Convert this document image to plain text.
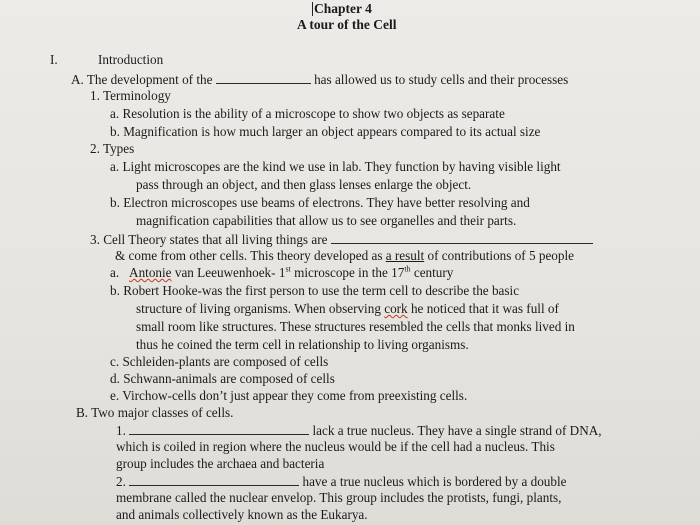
Chapter 4
A tour of the Cell
I.	Introduction
A. The development of the	has allowed us to study cells and their processes
1. Terminology
a. Resolution is the ability of a microscope to show two objects as separate
b. Magnification is how much larger an object appears compared to its actual size
2. Types
a. Light microscopes are the kind we use in lab. They function by having visible light
pass through an object, and then glass lenses enlarge the object.
b. Electron microscopes use beams of electrons. They have better resolving and
magnification capabilities that allow us to see organelles and their parts.
3. Cell Theory states that all living things are
& come from other cells. This theory developed as a result of contributions of 5 people
a. Antonie van Leeuwenhoek- 1st microscope in the 17th century
b. Robert Hooke-was the first person to use the term cell to describe the basic
structure of living organisms. When observing cork he noticed that it was full of
small room like structures. These structures resembled the cells that monks lived in
thus he coined the term cell in relationship to living organisms.
c. Schleiden-plants are composed of cells
d. Schwann-animals are composed of cells
e. Virchow-cells don’t just appear they come from preexisting cells.
B. Two major classes of cells.
1.	lack a true nucleus. They have a single strand of DNA,
which is coiled in region where the nucleus would be if the cell had a nucleus. This
group includes the archaea and bacteria
2.	have a true nucleus which is bordered by a double
membrane called the nuclear envelop. This group includes the protists, fungi, plants,
and animals collectively known as the Eukarya.
